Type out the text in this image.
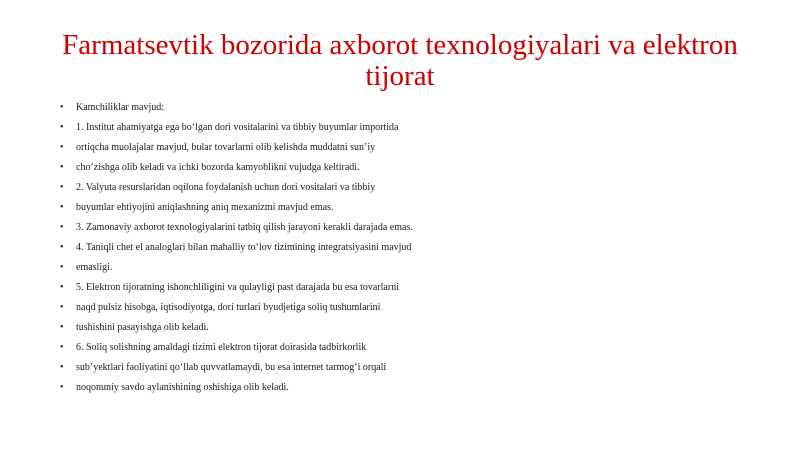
Farmatsevtik bozorida axborot texnologiyalari va elektron tijorat
• Kamchiliklar mavjud:
• 1. Institut ahamiyatga ega bo‘lgan dori vositalarini va tibbiy buyumlar importida
• ortiqcha muolajalar mavjud, bular tovarlarni olib kelishda muddatni sun’iy
• cho‘zishga olib keladi va ichki bozorda kamyoblikni vujudga keltiradi.
• 2. Valyuta resurslaridan oqilona foydalanish uchun dori vositalari va tibbiy
• buyumlar ehtiyojini aniqlashning aniq mexanizmi mavjud emas.
• 3. Zamonaviy axborot texnologiyalarini tatbiq qilish jarayoni kerakli darajada emas.
• 4. Taniqli chet el analoglari bilan mahalliy to‘lov tizimining integratsiyasini mavjud
• emasligi.
• 5. Elektron tijoratning ishonchliligini va qulayligi past darajada bu esa tovarlarni
• naqd pulsiz hisobga, iqtisodiyotga, dori turlari byudjetiga soliq tushumlarini
• tushishini pasayishga olib keladi.
• 6. Soliq solishning amaldagi tizimi elektron tijorat doirasida tadbirkorlik
• sub’yektlari faoliyatini qo‘llab quvvatlamaydi, bu esa internet tarmog‘i orqali
• noqonuniy savdo aylanishining oshishiga olib keladi.
